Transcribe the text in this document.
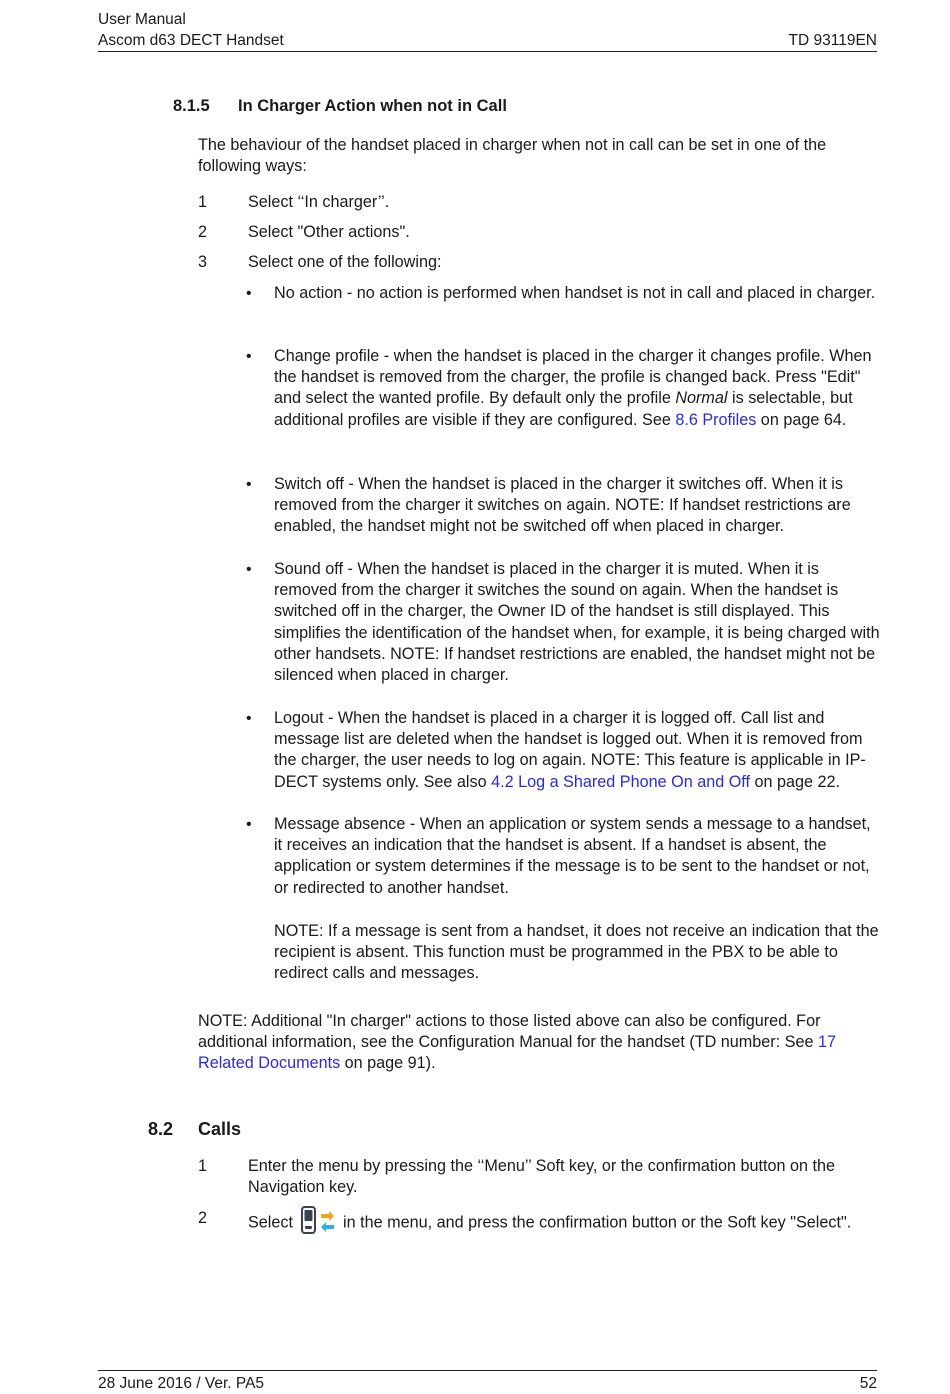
User Manual
Ascom d63 DECT Handset	TD 93119EN
8.1.5 In Charger Action when not in Call
The behaviour of the handset placed in charger when not in call can be set in one of the following ways:
1	Select ‘‘In charger’’.
2	Select "Other actions".
3	Select one of the following:
• No action - no action is performed when handset is not in call and placed in charger.
• Change profile - when the handset is placed in the charger it changes profile. When the handset is removed from the charger, the profile is changed back. Press "Edit" and select the wanted profile. By default only the profile Normal is selectable, but additional profiles are visible if they are configured. See 8.6 Profiles on page 64.
• Switch off - When the handset is placed in the charger it switches off. When it is removed from the charger it switches on again. NOTE: If handset restrictions are enabled, the handset might not be switched off when placed in charger.
• Sound off - When the handset is placed in the charger it is muted. When it is removed from the charger it switches the sound on again. When the handset is switched off in the charger, the Owner ID of the handset is still displayed. This simplifies the identification of the handset when, for example, it is being charged with other handsets. NOTE: If handset restrictions are enabled, the handset might not be silenced when placed in charger.
• Logout - When the handset is placed in a charger it is logged off. Call list and message list are deleted when the handset is logged out. When it is removed from the charger, the user needs to log on again. NOTE: This feature is applicable in IP-DECT systems only. See also 4.2 Log a Shared Phone On and Off on page 22.
• Message absence - When an application or system sends a message to a handset, it receives an indication that the handset is absent. If a handset is absent, the application or system determines if the message is to be sent to the handset or not, or redirected to another handset.
NOTE: If a message is sent from a handset, it does not receive an indication that the recipient is absent. This function must be programmed in the PBX to be able to redirect calls and messages.
NOTE: Additional "In charger" actions to those listed above can also be configured. For additional information, see the Configuration Manual for the handset (TD number: See 17 Related Documents on page 91).
8.2 Calls
1	Enter the menu by pressing the ‘‘Menu’’ Soft key, or the confirmation button on the Navigation key.
2	Select	in the menu, and press the confirmation button or the Soft key "Select".
28 June 2016 / Ver. PA5	52
